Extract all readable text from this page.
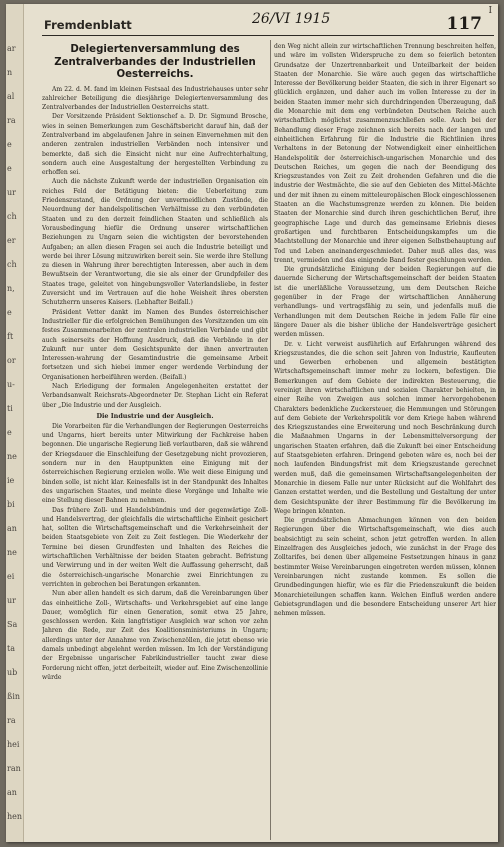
ar
n
al
ra
e
e
ur
ch
er
ch
n,
e
ft
or
u-
ti
e
ne
ie
bi
an
ne
ei
ur
Sa
ta
ub
ßin
ra
hei
ran
an
hen
Fremdenblatt	26/VI 1915	117
I
Delegiertenversammlung des Zentralverbandes der Industriellen Oesterreichs.

Am 22. d. M. fand im kleinen Festsaal des Industriehauses unter sehr zahlreicher Beteiligung die diesjährige Delegiertenversammlung des Zentralverbandes der Industriellen Oesterreichs statt.

Der Vorsitzende Präsident Sektionschef a. D. Dr. Sigmund Brosche, wies in seinen Bemerkungen zum Geschäftsbericht darauf hin, daß der Zentralverband im abgelaufenen Jahre in seinen Einvernehmen mit den anderen zentralen industriellen Verbänden noch intensiver und bemerkte, daß sich die Einsicht nicht nur eine Aufrechterhaltung, sondern auch eine Ausgestaltung der hergestellten Verbindung zu erhoffen sei.

Auch die nächste Zukunft werde der industriellen Organisation ein reiches Feld der Betätigung bieten: die Ueberleitung zum Friedenszustand, die Ordnung der unvermeidlichen Zustände, die Neuordnung der handelspolitischen Verhältnisse zu den verbündeten Staaten und zu den derzeit feindlichen Staaten und schließlich als Vorausbedingung hiefür die Ordnung unserer wirtschaftlichen Beziehungen zu Ungarn seien die wichtigsten der bevorstehenden Aufgaben; an allen diesen Fragen sei auch die Industrie beteiligt und werde bei ihrer Lösung mitzuwirken bereit sein. Sie werde ihre Stellung zu diesen in Wahrung ihrer berechtigten Interessen, aber auch in dem Bewußtsein der Verantwortung, die sie als einer der Grundpfeiler des Staates trage, geleitet von hingebungsvoller Vaterlandsliebe, in fester Zuversicht und im Vertrauen auf die hohe Weisheit ihres obersten Schutzherrn unseres Kaisers. (Lebhafter Beifall.)

Präsident Vetter dankt im Namen des Bundes österreichischer Industrieller für die erfolgreichen Bemühungen des Vorsitzenden um ein festes Zusammenarbeiten der zentralen industriellen Verbände und gibt auch seinerseits der Hoffnung Ausdruck, daß die Verbände in der Zukunft nur unter dem Gesichtspunkte der ihnen anvertrauten Interessen-wahrung der Gesamtindustrie die gemeinsame Arbeit fortsetzen und sich hiebei immer enger werdende Verbindung der Organisationen herbeiführen werden. (Beifall.)

Nach Erledigung der formalen Angelegenheiten erstattet der Verbandsanwalt Reichsrats-Abgeordneter Dr. Stephan Licht ein Referat über „Die Industrie und der Ausgleich.

Die Industrie und der Ausgleich.

Die Vorarbeiten für die Verhandlungen der Regierungen Oesterreichs und Ungarns, hiert bereits unter Mitwirkung der Fachkreise haben begonnen. Die ungarische Regierung ließ verlautbaren, daß sie während der Kriegsdauer die Einschleifung der Gesetzgebung nicht provozieren, sondern nur in den Hauptpunkten eine Einigung mit der österreichischen Regierung erzielen wolle. Wie weit diese Einigung und binden solle, ist nicht klar. Keinesfalls ist in der Standpunkt des Inhaltes des ungarischen Staates, und meinte diese Vorgänge und Inhalte wie eine Stellung dieser Bahnen zu nehmen.

Das frühere Zoll- und Handelsbündnis und der gegenwärtige Zoll- und Handelsvertrag, der gleichfalls die wirtschaftliche Einheit gesichert hat, sollten die Wirtschaftsgemeinschaft und die Verkehrseinheit der beiden Staatsgebiete von Zeit zu Zeit festlegen. Die Wiederkehr der Termine bei diesen Grundfesten und Inhalten des Reiches die wirtschaftlichen Verhältnisse der beiden Staaten gebracht. Befristung und Verwirrung und in der weiten Welt die Auffassung geherrscht, daß die österreichisch-ungarische Monarchie zwei Einrichtungen zu verrichten in gebrochen bei Beratungen erkannten.

Nun aber allen handelt es sich darum, daß die Vereinbarungen über das einheitliche Zoll-, Wirtschafts- und Verkehrsgebiet auf eine lange Dauer, womöglich für einen Generation, somit etwa 25 Jahre, geschlossen werden. Kein langfristiger Ausgleich war schon vor zehn Jahren die Rede, zur Zeit des Koalitionsministeriums in Ungarn; allerdings unter der Annahme von Zwischenzöllen, die jetzt ebenso wie damals unbedingt abgelehnt werden müssen. Im Ich der Verständigung der Ergebnisse ungarischer Fabrikindustrieller taucht zwar diese Forderung nicht offen, jetzt derbeiteilt, wieder auf. Eine Zwischenzollinie würde

den Weg nicht allein zur wirtschaftlichen Trennung beschreiten helfen, und wäre im vollsten Widerspruche zu dem so feierlich betonten Grundsatze der Unzertrennbarkeit und Unteilbarkeit der beiden Staaten der Monarchie. Sie wäre auch gegen das wirtschaftliche Interesse der Bevölkerung beider Staaten, die sich in ihrer Eigenart so glücklich ergänzen, und daher auch im vollen Interesse zu der in beiden Staaten immer mehr sich durchdringenden Überzeugung, daß die Monarchie mit dem eng verbündeten Deutschen Reiche auch wirtschaftlich möglichst zusammenzuschließen solle. Auch bei der Behandlung dieser Frage zeichnen sich bereits nach der langen und einheitlichen Erfahrung für die Industrie die Richtlinien ihres Verhaltens in der Betonung der Notwendigkeit einer einheitlichen Handelspolitik der österreichisch-ungarischen Monarchie und des Deutschen Reiches, um gegen die nach der Beendigung des Kriegszustandes von Zeit zu Zeit drohenden Gefahren und die die industrie der Westmächte, die sie auf den Gebieten des Mittel-Mächte und der mit ihnen zu einem mitteleuropäischen Block eingeschlossenen Staaten an die Wachstumsgrenze werden zu können. Die beiden Staaten der Monarchie sind durch ihren geschichtlichen Beruf, ihre geographische Lage und durch das gemeinsame Erlebnis dieses großartigen und furchtbaren Entscheidungskampfes um die Machtstellung der Monarchie und ihrer eigenen Selbstbehauptung auf Tod und Leben aneinandergeschmiedet. Daher muß alles das, was trennt, vermieden und das einigende Band fester geschlungen werden.

Die grundsätzliche Einigung der beiden Regierungen auf die dauernde Sicherung der Wirtschaftsgemeinschaft der beiden Staaten ist die unerläßliche Voraussetzung, um dem Deutschen Reiche gegenüber in der Frage der wirtschaftlichen Annäherung verhandlungs- und vertragsfähig zu sein, und jedenfalls muß die Verhandlungen mit dem Deutschen Reiche in jedem Falle für eine längere Dauer als die bisher übliche der Handelsverträge gesichert werden müssen.

Dr. v. Licht verweist ausführlich auf Erfahrungen während des Kriegszustandes, die die schon seit Jahren von Industrie, Kaufleuten und Gewerben erhobenen und allgemein bestätigten Wirtschaftsgemeinschaft immer mehr zu lockern, befestigen. Die Bemerkungen auf dem Gebiete der indirekten Besteuerung, die vereinigt ihren wirtschaftlichen und sozialen Charakter behielten, in einer Reihe von Zweigen aus solchen immer hervorgehobenen Charakters bedenkliche Zuckersteuer, die Hemmungen und Störungen auf dem Gebiete der Verkehrspolitik vor dem Kriege haben während des Kriegszustandes eine Erweiterung und noch Beschränkung durch die Maßnahmen Ungarns in der Lebensmittelversorgung der ungarischen Staaten erfahren, daß die Zukunft bei einer Entscheidung auf Staatsgebieten erfahren. Dringend geboten wäre es, noch bei der noch laufenden Bindungsfrist mit dem Kriegszustande gerechnet werden muß, daß die gemeinsamen Wirtschaftsangelegenheiten der Monarchie in diesem Falle nur unter Rücksicht auf die Wohlfahrt des Ganzen erstattet werden, und die Bestellung und Gestaltung der unter dem Gesichtspunkte der ihrer Bestimmung für die Bevölkerung im Wege bringen könnten.

Die grundsätzlichen Abmachungen können von den beiden Regierungen über die Wirtschaftsgemeinschaft, wie dies auch beabsichtigt zu sein scheint, schon jetzt getroffen werden. In allen Einzelfragen des Ausgleiches jedoch, wie zunächst in der Frage des Zolltarifes, bei denen über allgemeine Festsetzungen hinaus in ganz bestimmter Weise Vereinbarungen eingetreten werden müssen, können Vereinbarungen nicht zustande kommen. Es sollen die Grundbedingungen hiefür, wie es für die Friedenszukunft die beiden Monarchieteilungen schaffen kann. Welchen Einfluß werden andere Gebietsgrundlagen und die besondere Entscheidung unserer Art hier nehmen müssen.
